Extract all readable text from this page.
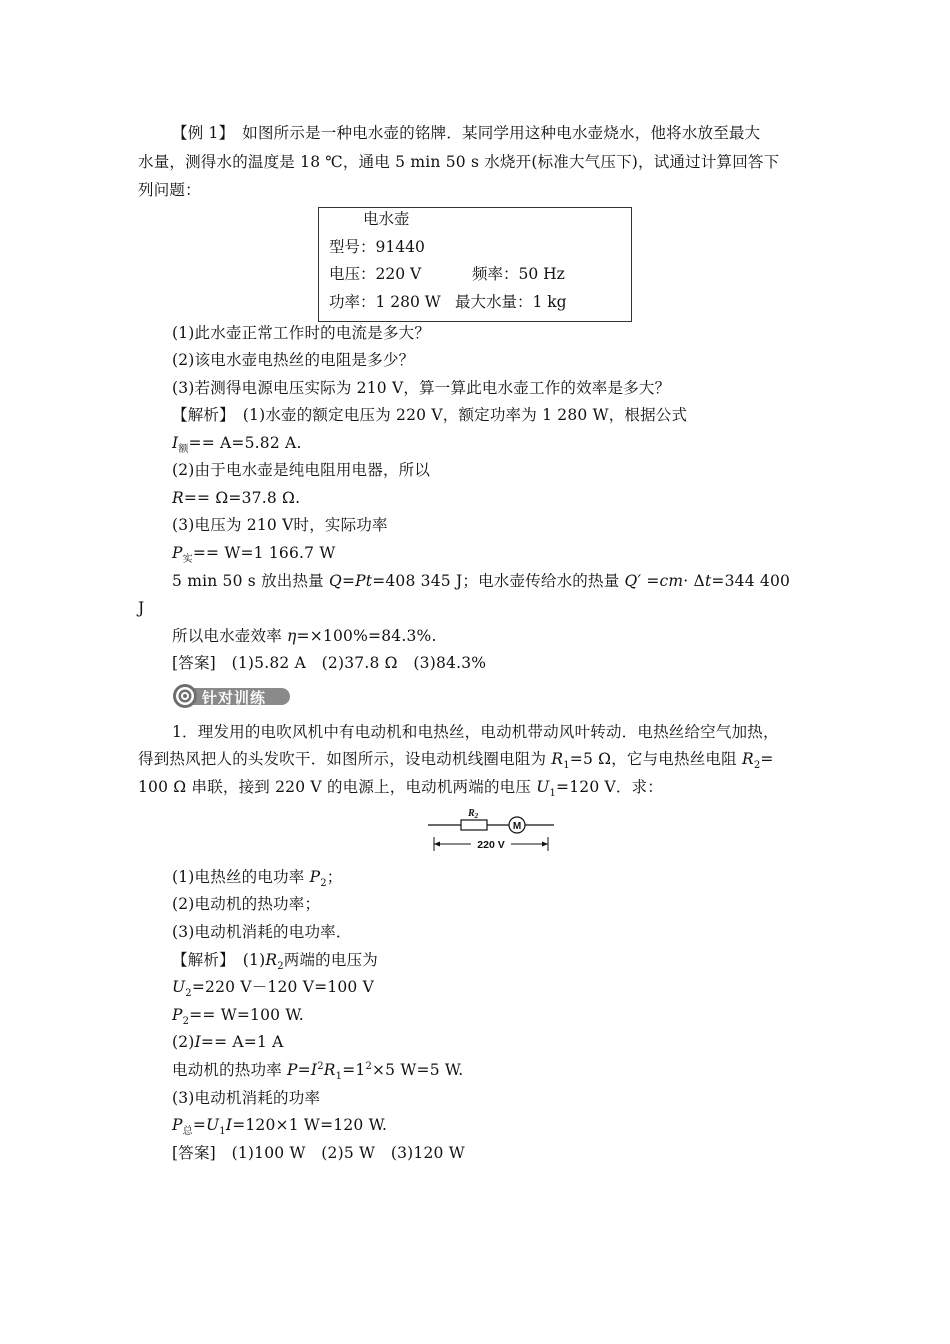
【例 1】　如图所示是一种电水壶的铭牌．某同学用这种电水壶烧水，他将水放至最大
水量，测得水的温度是 18 ℃，通电 5 min 50 s 水烧开(标准大气压下)，试通过计算回答下
列问题：
电水壶
型号：91440
电压：220 V	频率：50 Hz
功率：1 280 W 最大水量：1 kg
(1)此水壶正常工作时的电流是多大？
(2)该电水壶电热丝的电阻是多少？
(3)若测得电源电压实际为 210 V，算一算此电水壶工作的效率是多大？
【解析】　(1)水壶的额定电压为 220 V，额定功率为 1 280 W，根据公式
$I_额== A=5.82$ A.
(2)由于电水壶是纯电阻用电器，所以
R== Ω=37.8 Ω.
(3)电压为 210 V时，实际功率
$P_实== W=1$ 166.7 W
5 min 50 s 放出热量 Q=Pt=408 345 J；电水壶传给水的热量 Q′ =cm· Δt=344 400
J
所以电水壶效率 η=×100%=84.3%.
[答案]　(1)5.82 A　(2)37.8 Ω　(3)84.3%
针对训练
1．理发用的电吹风机中有电动机和电热丝，电动机带动风叶转动．电热丝给空气加热，
得到热风把人的头发吹干．如图所示，设电动机线圈电阻为 $R_1=5$ Ω，它与电热丝电阻 $R_2=$
100 Ω 串联，接到 220 V 的电源上，电动机两端的电压 $U_1=120$ V．求：
M
$R_2$
220 V
(1)电热丝的电功率 $P_2$；
(2)电动机的热功率；
(3)电动机消耗的电功率．
【解析】　$(1)R_2$两端的电压为
$U_2=220$ V－120 V=100 V
$P_2== W=100$ W.
(2)I== A=1 A
电动机的热功率 $P=I^2R_1=1^2\times 5$ W=5 W.
(3)电动机消耗的功率
$P_总=U_1I=120\times 1$ W=120 W.
[答案]　(1)100 W　(2)5 W　(3)120 W
